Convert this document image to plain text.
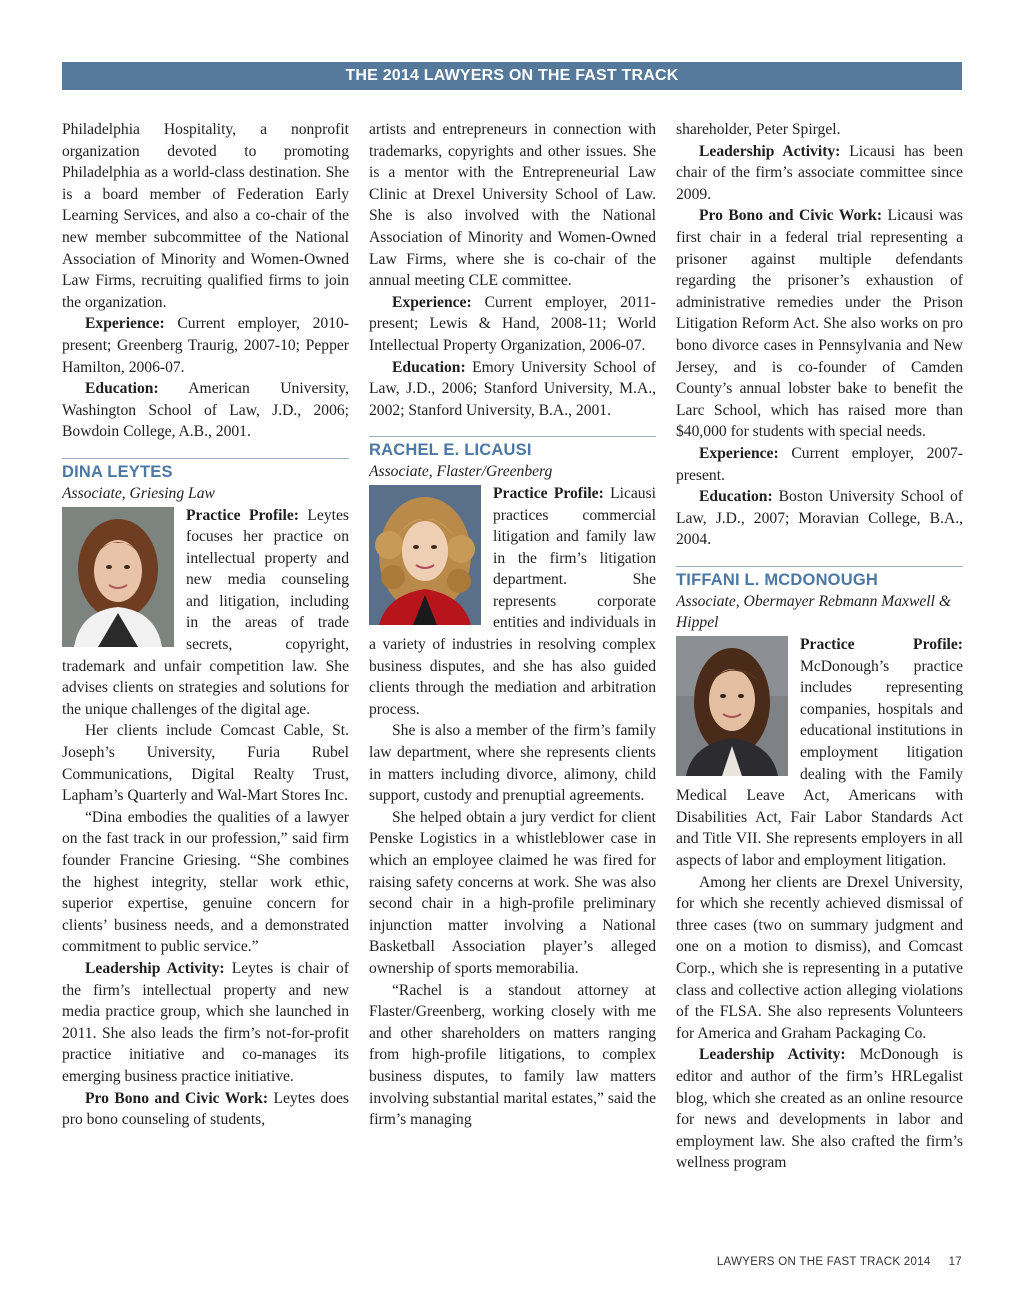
THE 2014 LAWYERS ON THE FAST TRACK

Philadelphia Hospitality, a nonprofit organization devoted to promoting Philadelphia as a world-class destination. She is a board member of Federation Early Learning Services, and also a co-chair of the new member subcommittee of the National Association of Minority and Women-Owned Law Firms, recruiting qualified firms to join the organization.

Experience: Current employer, 2010-present; Greenberg Traurig, 2007-10; Pepper Hamilton, 2006-07.

Education: American University, Washington School of Law, J.D., 2006; Bowdoin College, A.B., 2001.

DINA LEYTES

Associate, Griesing Law

Practice Profile: Leytes focuses her practice on intellectual property and new media counseling and litigation, including in the areas of trade secrets, copyright, trademark and unfair competition law. She advises clients on strategies and solutions for the unique challenges of the digital age.

Her clients include Comcast Cable, St. Joseph’s University, Furia Rubel Communications, Digital Realty Trust, Lapham’s Quarterly and Wal-Mart Stores Inc.

“Dina embodies the qualities of a lawyer on the fast track in our profession,” said firm founder Francine Griesing. “She combines the highest integrity, stellar work ethic, superior expertise, genuine concern for clients’ business needs, and a demonstrated commitment to public service.”

Leadership Activity: Leytes is chair of the firm’s intellectual property and new media practice group, which she launched in 2011. She also leads the firm’s not-for-profit practice initiative and co-manages its emerging business practice initiative.

Pro Bono and Civic Work: Leytes does pro bono counseling of students,

artists and entrepreneurs in connection with trademarks, copyrights and other issues. She is a mentor with the Entrepreneurial Law Clinic at Drexel University School of Law. She is also involved with the National Association of Minority and Women-Owned Law Firms, where she is co-chair of the annual meeting CLE committee.

Experience: Current employer, 2011-present; Lewis & Hand, 2008-11; World Intellectual Property Organization, 2006-07.

Education: Emory University School of Law, J.D., 2006; Stanford University, M.A., 2002; Stanford University, B.A., 2001.

RACHEL E. LICAUSI

Associate, Flaster/Greenberg

Practice Profile: Licausi practices commercial litigation and family law in the firm’s litigation department. She represents corporate entities and individuals in a variety of industries in resolving complex business disputes, and she has also guided clients through the mediation and arbitration process.

She is also a member of the firm’s family law department, where she represents clients in matters including divorce, alimony, child support, custody and prenuptial agreements.

She helped obtain a jury verdict for client Penske Logistics in a whistleblower case in which an employee claimed he was fired for raising safety concerns at work. She was also second chair in a high-profile preliminary injunction matter involving a National Basketball Association player’s alleged ownership of sports memorabilia.

“Rachel is a standout attorney at Flaster/Greenberg, working closely with me and other shareholders on matters ranging from high-profile litigations, to complex business disputes, to family law matters involving substantial marital estates,” said the firm’s managing

shareholder, Peter Spirgel.

Leadership Activity: Licausi has been chair of the firm’s associate committee since 2009.

Pro Bono and Civic Work: Licausi was first chair in a federal trial representing a prisoner against multiple defendants regarding the prisoner’s exhaustion of administrative remedies under the Prison Litigation Reform Act. She also works on pro bono divorce cases in Pennsylvania and New Jersey, and is co-founder of Camden County’s annual lobster bake to benefit the Larc School, which has raised more than $40,000 for students with special needs.

Experience: Current employer, 2007-present.

Education: Boston University School of Law, J.D., 2007; Moravian College, B.A., 2004.

TIFFANI L. MCDONOUGH

Associate, Obermayer Rebmann Maxwell & Hippel

Practice Profile: McDonough’s practice includes representing companies, hospitals and educational institutions in employment litigation dealing with the Family Medical Leave Act, Americans with Disabilities Act, Fair Labor Standards Act and Title VII. She represents employers in all aspects of labor and employment litigation.

Among her clients are Drexel University, for which she recently achieved dismissal of three cases (two on summary judgment and one on a motion to dismiss), and Comcast Corp., which she is representing in a putative class and collective action alleging violations of the FLSA. She also represents Volunteers for America and Graham Packaging Co.

Leadership Activity: McDonough is editor and author of the firm’s HRLegalist blog, which she created as an online resource for news and developments in labor and employment law. She also crafted the firm’s wellness program

LAWYERS ON THE FAST TRACK 2014 17
